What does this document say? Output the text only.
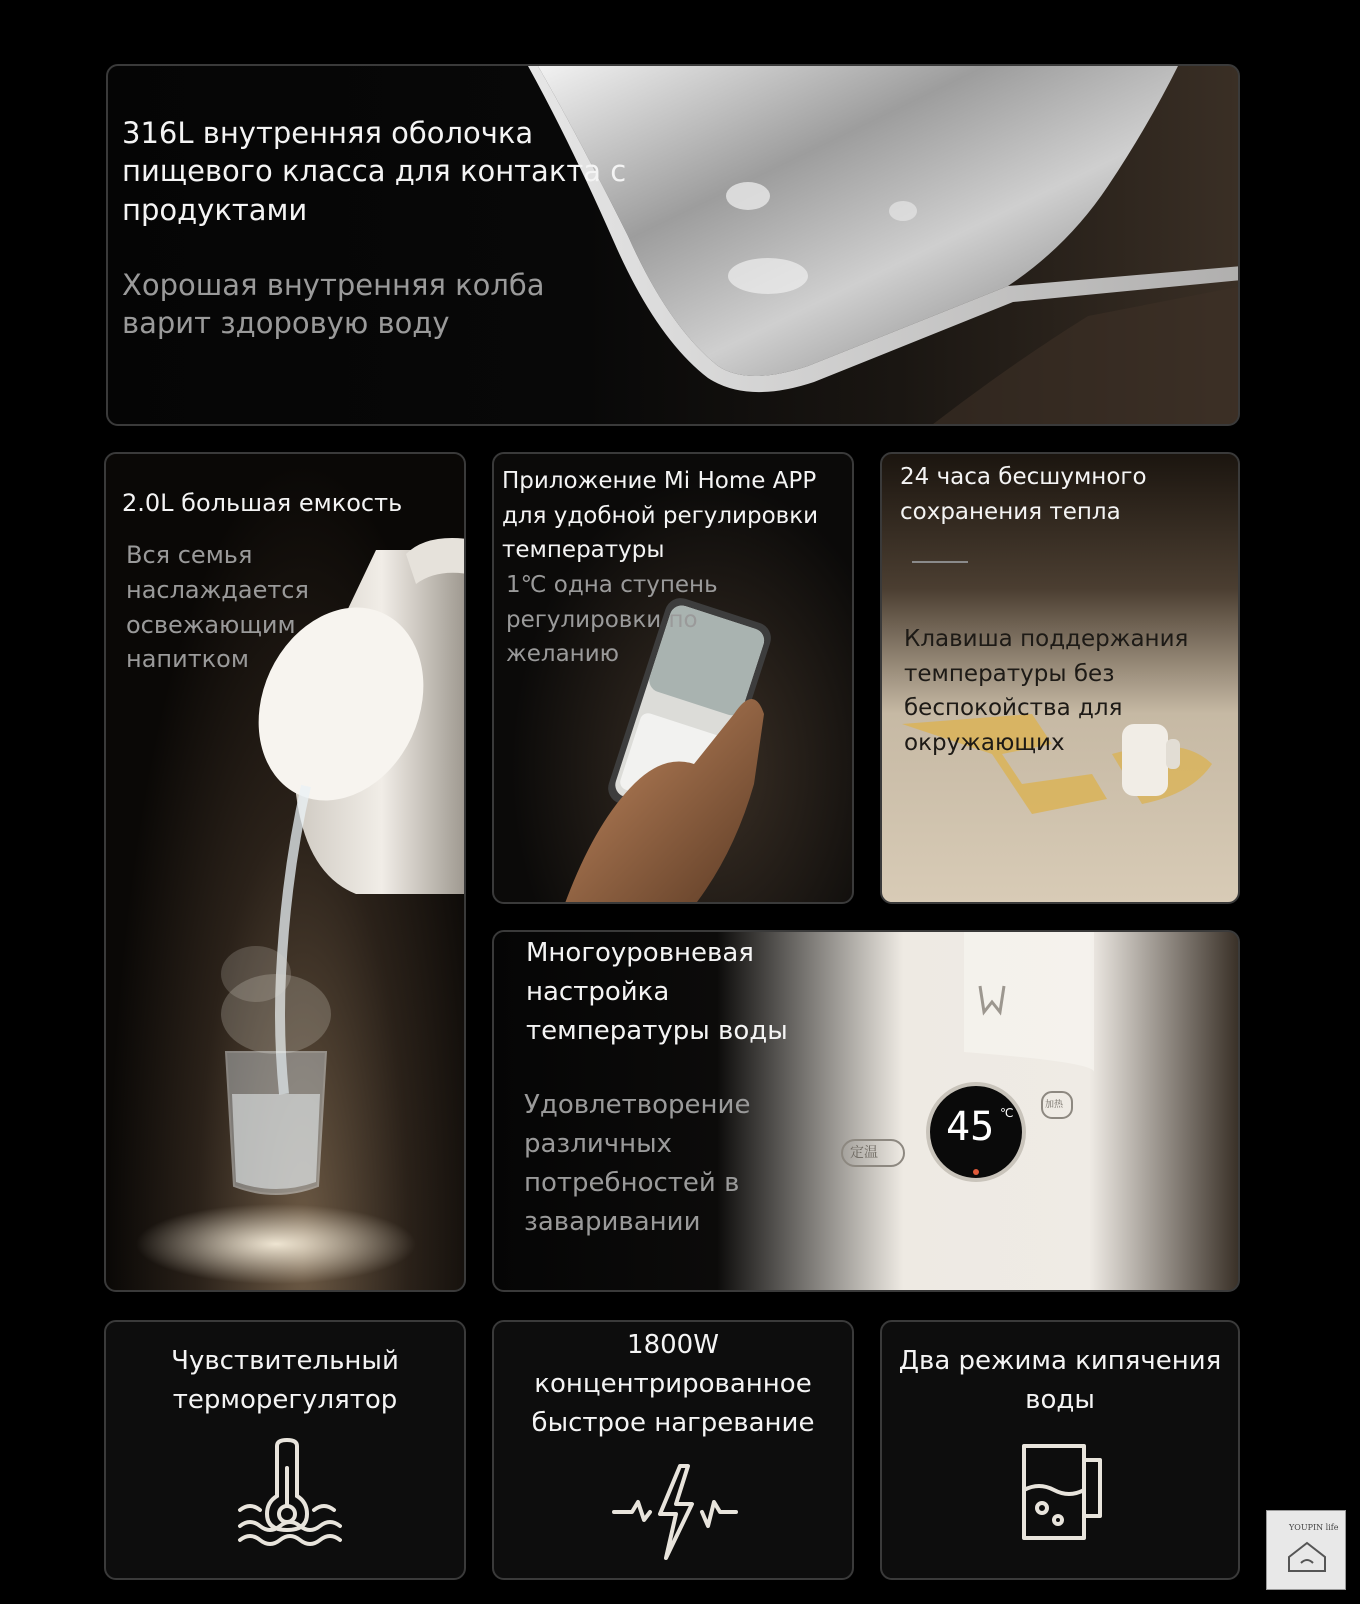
316L внутренняя оболочка пищевого класса для контакта с продуктами

Хорошая внутренняя колба варит здоровую воду

2.0L большая емкость

Вся семья наслаждается освежающим напитком

Приложение Mi Home APP для удобной регулировки температуры

1℃ одна ступень регулировки по желанию

24 часа бесшумного сохранения тепла

Клавиша поддержания температуры без беспокойства для окружающих

45 ℃
定温
加热

Многоуровневая настройка температуры воды

Удовлетворение различных потребностей в заваривании

Чувствительный терморегулятор

1800W концентрированное быстрое нагревание

Два режима кипячения воды

YOUPIN life
